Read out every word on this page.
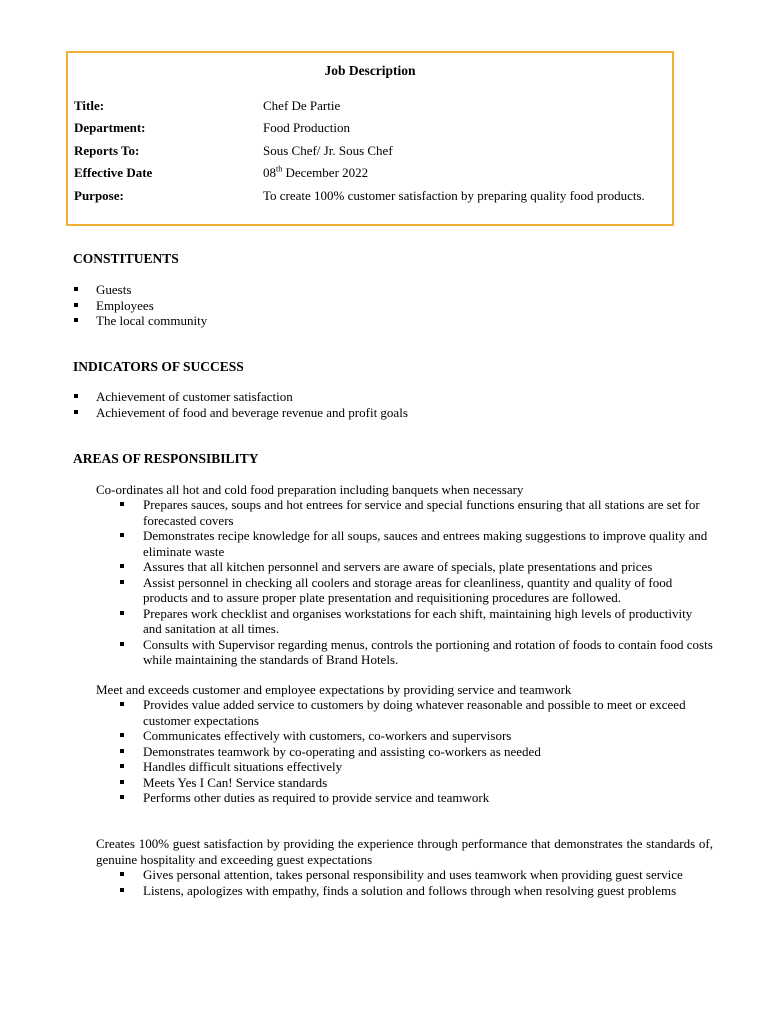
Job Description
Title:	Chef De Partie
Department:	Food Production
Reports To:	Sous Chef/ Jr. Sous Chef
Effective Date	08th December 2022
Purpose:	To create 100% customer satisfaction by preparing quality food products.
CONSTITUENTS
Guests
Employees
The local community
INDICATORS OF SUCCESS
Achievement of customer satisfaction
Achievement of food and beverage revenue and profit goals
AREAS OF RESPONSIBILITY
Co-ordinates all hot and cold food preparation including banquets when necessary
Prepares sauces, soups and hot entrees for service and special functions ensuring that all stations are set for forecasted covers
Demonstrates recipe knowledge for all soups, sauces and entrees making suggestions to improve quality and eliminate waste
Assures that all kitchen personnel and servers are aware of specials, plate presentations and prices
Assist personnel in checking all coolers and storage areas for cleanliness, quantity and quality of food products and to assure proper plate presentation and requisitioning procedures are followed.
Prepares work checklist and organises workstations for each shift, maintaining high levels of productivity and sanitation at all times.
Consults with Supervisor regarding menus, controls the portioning and rotation of foods to contain food costs while maintaining the standards of Brand Hotels.
Meet and exceeds customer and employee expectations by providing service and teamwork
Provides value added service to customers by doing whatever reasonable and possible to meet or exceed customer expectations
Communicates effectively with customers, co-workers and supervisors
Demonstrates teamwork by co-operating and assisting co-workers as needed
Handles difficult situations effectively
Meets Yes I Can! Service standards
Performs other duties as required to provide service and teamwork
Creates 100% guest satisfaction by providing the experience through performance that demonstrates the standards of, genuine hospitality and exceeding guest expectations
Gives personal attention, takes personal responsibility and uses teamwork when providing guest service
Listens, apologizes with empathy, finds a solution and follows through when resolving guest problems
